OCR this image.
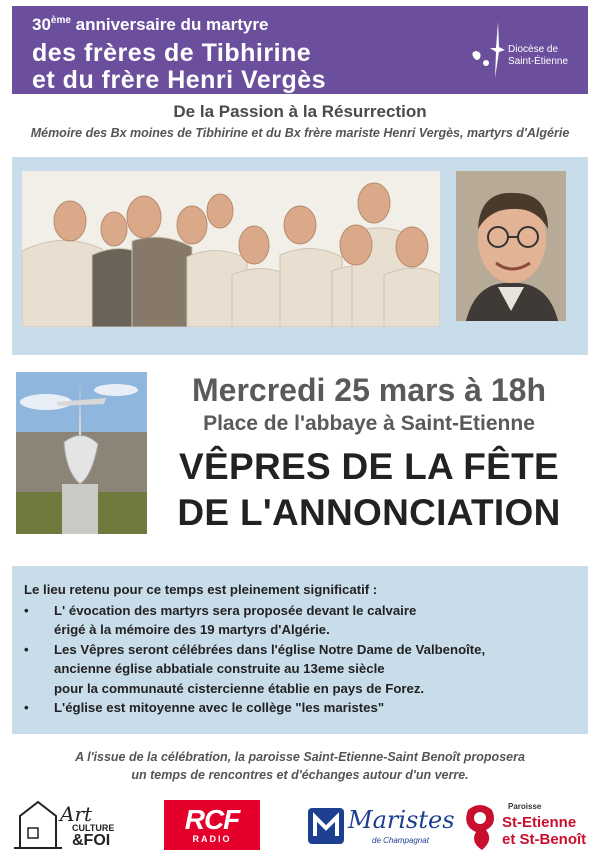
30ème anniversaire du martyre
des frères de Tibhirine
et du frère Henri Vergès
Diocèse de
Saint-Étienne
De la Passion à la Résurrection
Mémoire des Bx moines de Tibhirine et du Bx frère mariste Henri Vergès, martyrs d'Algérie
Mercredi 25 mars à 18h
Place de l'abbaye à Saint-Etienne
VÊPRES DE LA FÊTE
DE L'ANNONCIATION
Le lieu retenu pour ce temps est pleinement significatif :
• L' évocation des martyrs sera proposée devant le calvaire
érigé à la mémoire des 19 martyrs d'Algérie.
• Les Vêpres seront célébrées dans l'église Notre Dame de Valbenoîte,
ancienne église abbatiale construite au 13eme siècle
pour la communauté cistercienne établie en pays de Forez.
• L'église est mitoyenne avec le collège "les maristes"
A l'issue de la célébration, la paroisse Saint-Etienne-Saint Benoît proposera
un temps de rencontres et d'échanges autour d'un verre.
Art
CULTURE
&FOI
RCF
RADIO
Maristes
de Champagnat
Paroisse
St-Etienne
et St-Benoît
